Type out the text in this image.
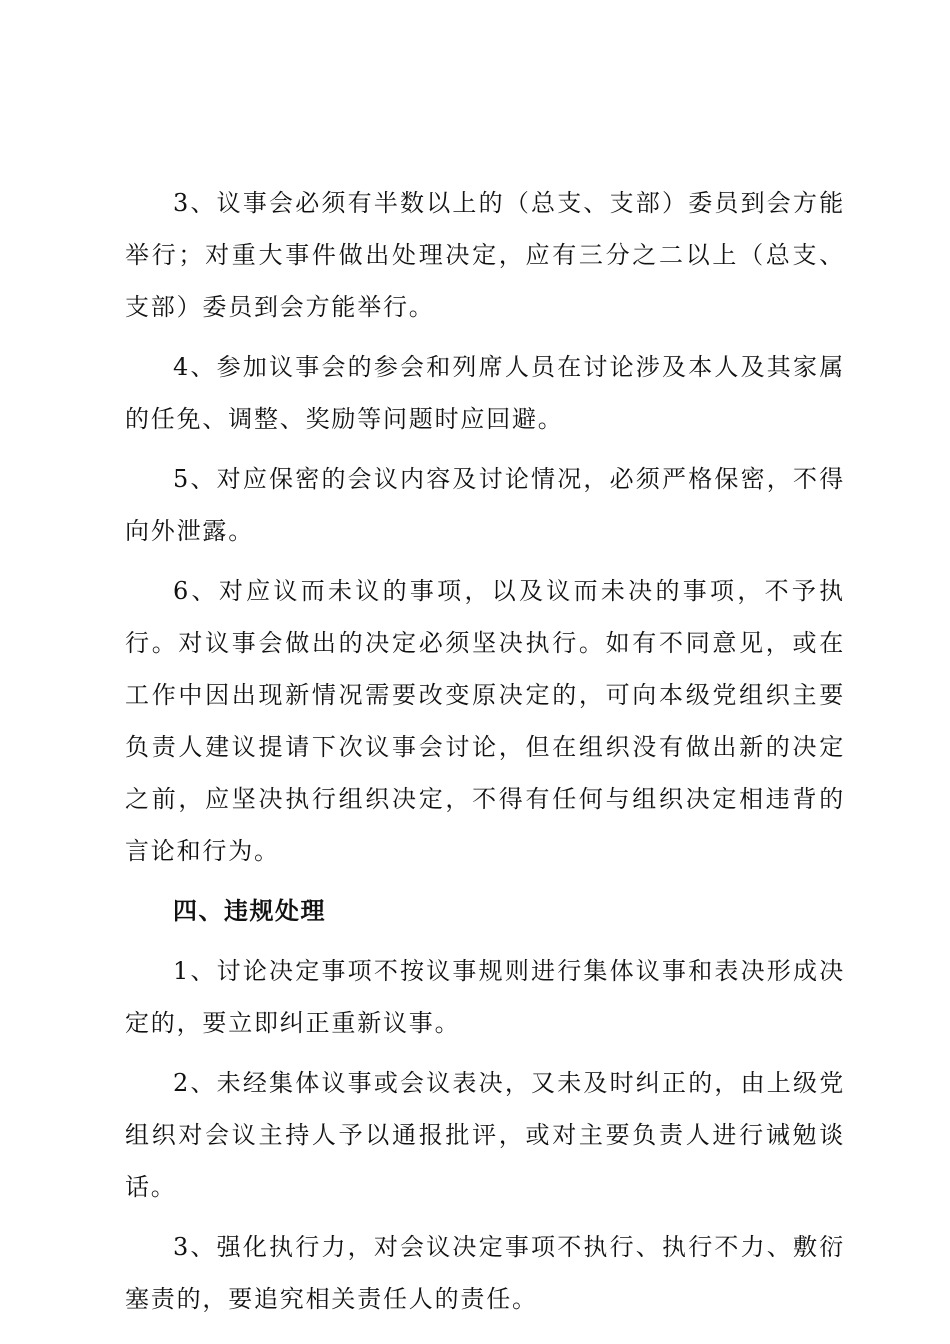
3、议事会必须有半数以上的（总支、支部）委员到会方能举行；对重大事件做出处理决定，应有三分之二以上（总支、支部）委员到会方能举行。

4、参加议事会的参会和列席人员在讨论涉及本人及其家属的任免、调整、奖励等问题时应回避。

5、对应保密的会议内容及讨论情况，必须严格保密，不得向外泄露。

6、对应议而未议的事项，以及议而未决的事项，不予执行。对议事会做出的决定必须坚决执行。如有不同意见，或在工作中因出现新情况需要改变原决定的，可向本级党组织主要负责人建议提请下次议事会讨论，但在组织没有做出新的决定之前，应坚决执行组织决定，不得有任何与组织决定相违背的言论和行为。

四、违规处理

1、讨论决定事项不按议事规则进行集体议事和表决形成决定的，要立即纠正重新议事。

2、未经集体议事或会议表决，又未及时纠正的，由上级党组织对会议主持人予以通报批评，或对主要负责人进行诫勉谈话。

3、强化执行力，对会议决定事项不执行、执行不力、敷衍塞责的，要追究相关责任人的责任。
